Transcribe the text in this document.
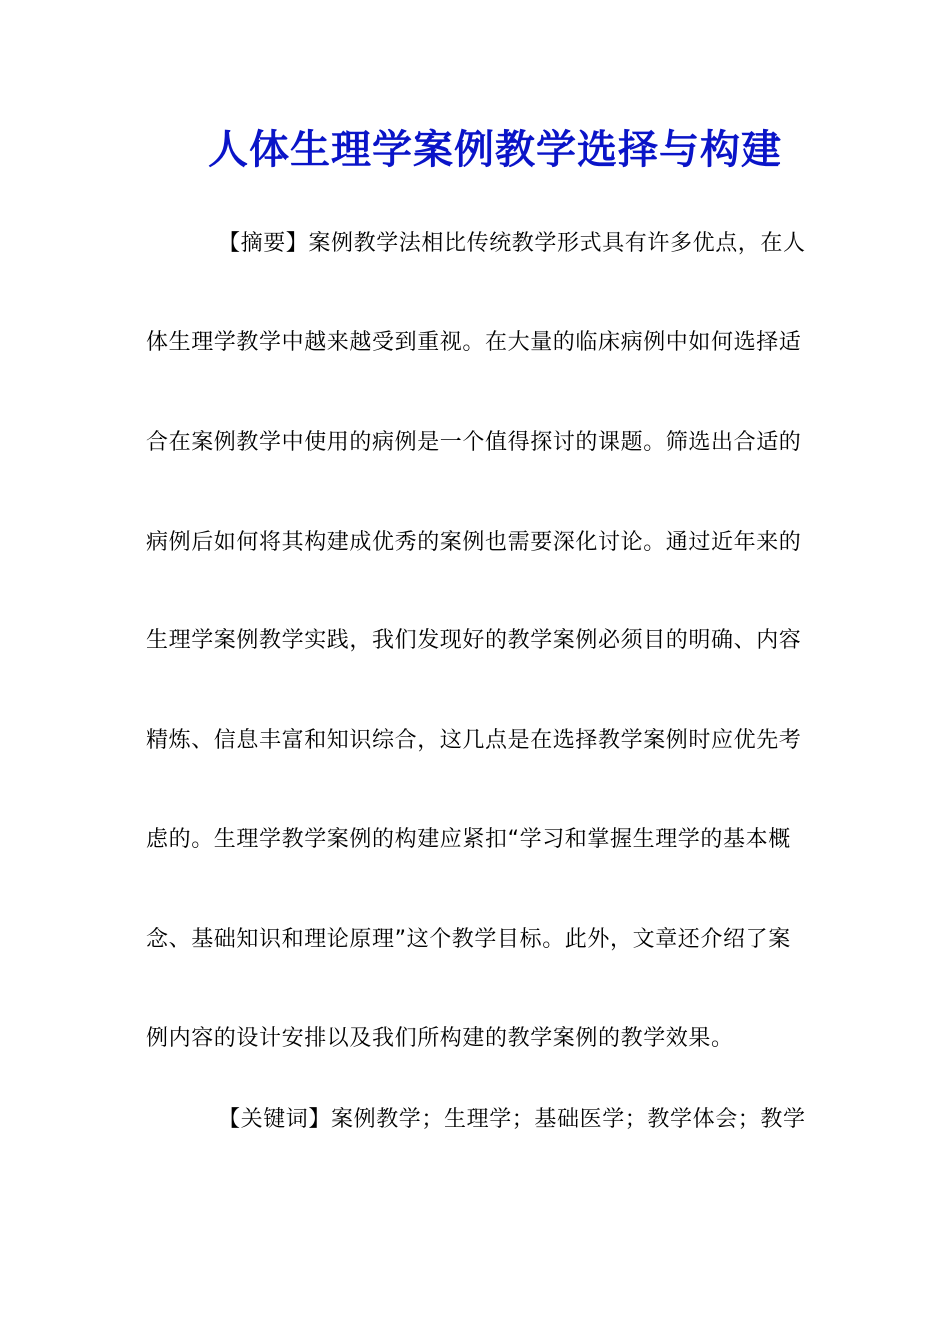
人体生理学案例教学选择与构建
【摘要】案例教学法相比传统教学形式具有许多优点，在人
体生理学教学中越来越受到重视。在大量的临床病例中如何选择适
合在案例教学中使用的病例是一个值得探讨的课题。筛选出合适的
病例后如何将其构建成优秀的案例也需要深化讨论。通过近年来的
生理学案例教学实践，我们发现好的教学案例必须目的明确、内容
精炼、信息丰富和知识综合，这几点是在选择教学案例时应优先考
虑的。生理学教学案例的构建应紧扣“学习和掌握生理学的基本概
念、基础知识和理论原理”这个教学目标。此外，文章还介绍了案
例内容的设计安排以及我们所构建的教学案例的教学效果。
【关键词】案例教学；生理学；基础医学；教学体会；教学
